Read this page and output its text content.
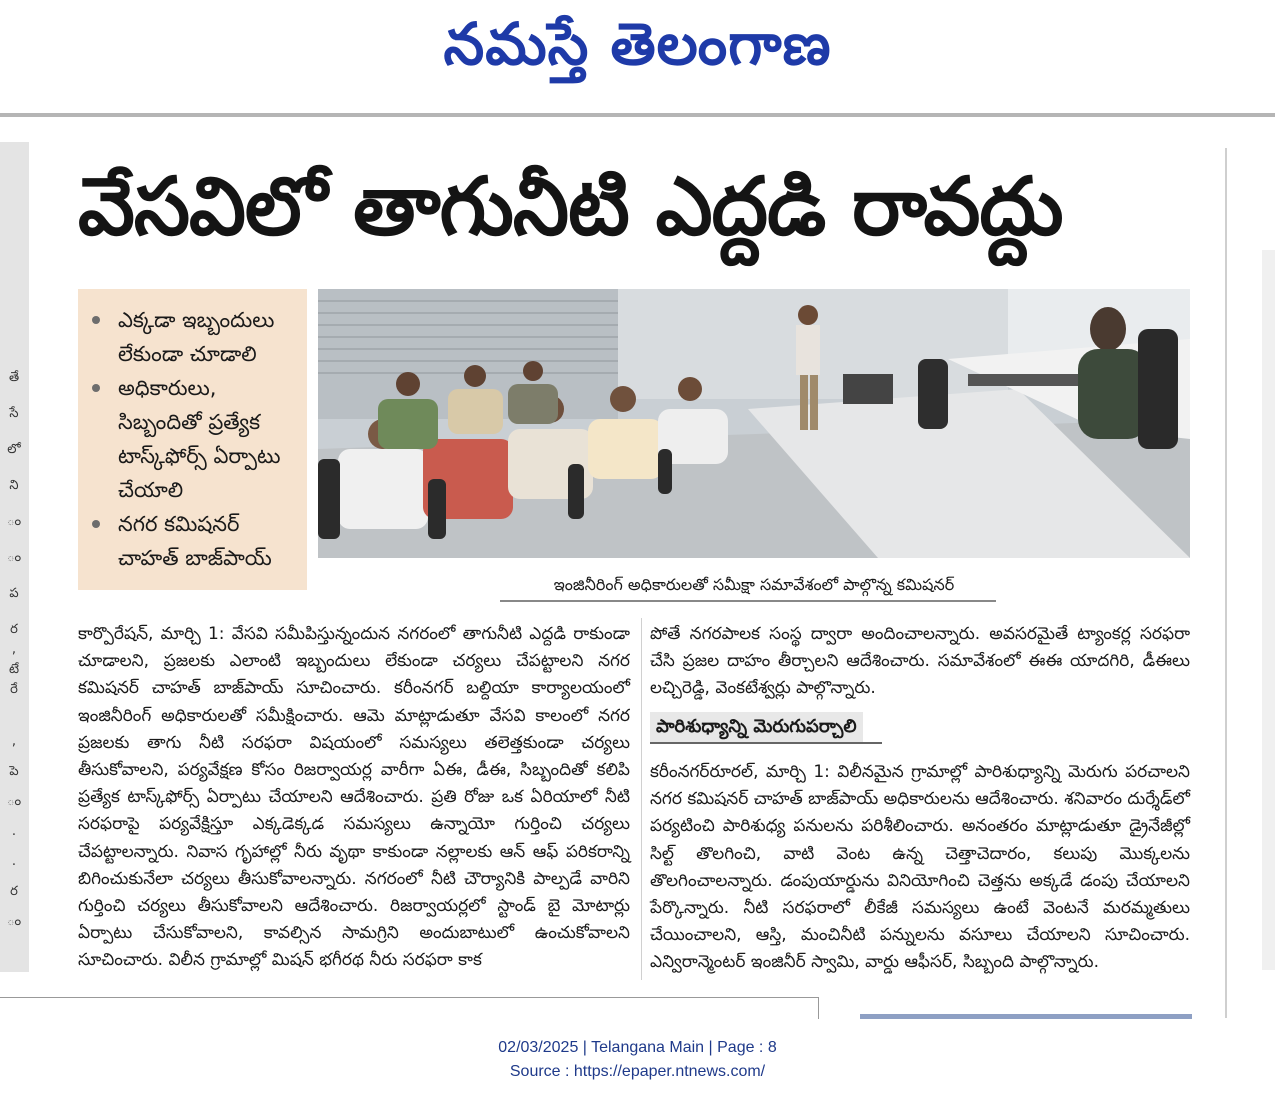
నమస్తే తెలంగాణ
తే
సే
లో
ని
ం
ం
ప
ర
,
టే
రే
,
పె
ం
.
.
ర
ం
వేసవిలో తాగునీటి ఎద్దడి రావద్దు
ఎక్కడా ఇబ్బందులు లేకుండా చూడాలి
అధికారులు, సిబ్బందితో ప్రత్యేక టాస్క్‌ఫోర్స్ ఏర్పాటు చేయాలి
నగర కమిషనర్ చాహత్ బాజ్‌పాయ్
ఇంజినీరింగ్ అధికారులతో సమీక్షా సమావేశంలో పాల్గొన్న కమిషనర్

కార్పొరేషన్, మార్చి 1: వేసవి సమీపిస్తున్నందున నగరంలో తాగునీటి ఎద్దడి రాకుండా చూడాలని, ప్రజలకు ఎలాంటి ఇబ్బందులు లేకుండా చర్యలు చేపట్టాలని నగర కమిషనర్ చాహత్ బాజ్‌పాయ్ సూచించారు. కరీంనగర్ బల్దియా కార్యాలయంలో ఇంజినీరింగ్ అధికారులతో సమీక్షించారు. ఆమె మాట్లాడుతూ వేసవి కాలంలో నగర ప్రజలకు తాగు నీటి సరఫరా విషయంలో సమస్యలు తలెత్తకుండా చర్యలు తీసుకోవాలని, పర్యవేక్షణ కోసం రిజర్వాయర్ల వారీగా ఏఈ, డీఈ, సిబ్బందితో కలిపి ప్రత్యేక టాస్క్‌ఫోర్స్ ఏర్పాటు చేయాలని ఆదేశించారు. ప్రతి రోజు ఒక ఏరియాలో నీటి సరఫరాపై పర్యవేక్షిస్తూ ఎక్కడెక్కడ సమస్యలు ఉన్నాయో గుర్తించి చర్యలు చేపట్టాలన్నారు. నివాస గృహాల్లో నీరు వృథా కాకుండా నల్లాలకు ఆన్ ఆఫ్ పరికరాన్ని బిగించుకునేలా చర్యలు తీసుకోవాలన్నారు. నగరంలో నీటి చౌర్యానికి పాల్పడే వారిని గుర్తించి చర్యలు తీసుకోవాలని ఆదేశించారు. రిజర్వాయర్లలో స్టాండ్ బై మోటార్లు ఏర్పాటు చేసుకోవాలని, కావల్సిన సామగ్రిని అందుబాటులో ఉంచుకోవాలని సూచించారు. విలీన గ్రామాల్లో మిషన్ భగీరథ నీరు సరఫరా కాక

పోతే నగరపాలక సంస్థ ద్వారా అందించాలన్నారు. అవసరమైతే ట్యాంకర్ల సరఫరా చేసి ప్రజల దాహం తీర్చాలని ఆదేశించారు. సమావేశంలో ఈఈ యాదగిరి, డీఈలు లచ్చిరెడ్డి, వెంకటేశ్వర్లు పాల్గొన్నారు.

పారిశుధ్యాన్ని మెరుగుపర్చాలి

కరీంనగర్‌రూరల్, మార్చి 1: విలీనమైన గ్రామాల్లో పారిశుధ్యాన్ని మెరుగు పరచాలని నగర కమిషనర్ చాహత్ బాజ్‌పాయ్ అధికారులను ఆదేశించారు. శనివారం దుర్శేడ్‌లో పర్యటించి పారిశుధ్య పనులను పరిశీలించారు. అనంతరం మాట్లాడుతూ డ్రైనేజీల్లో సిల్ట్ తొలగించి, వాటి వెంట ఉన్న చెత్తాచెదారం, కలుపు మొక్కలను తొలగించాలన్నారు. డంపుయార్డును వినియోగించి చెత్తను అక్కడే డంపు చేయాలని పేర్కొన్నారు. నీటి సరఫరాలో లీకేజీ సమస్యలు ఉంటే వెంటనే మరమ్మతులు చేయించాలని, ఆస్తి, మంచినీటి పన్నులను వసూలు చేయాలని సూచించారు. ఎన్విరాన్మెంటర్ ఇంజినీర్ స్వామి, వార్డు ఆఫీసర్, సిబ్బంది పాల్గొన్నారు.

02/03/2025 | Telangana Main | Page : 8
Source : https://epaper.ntnews.com/
